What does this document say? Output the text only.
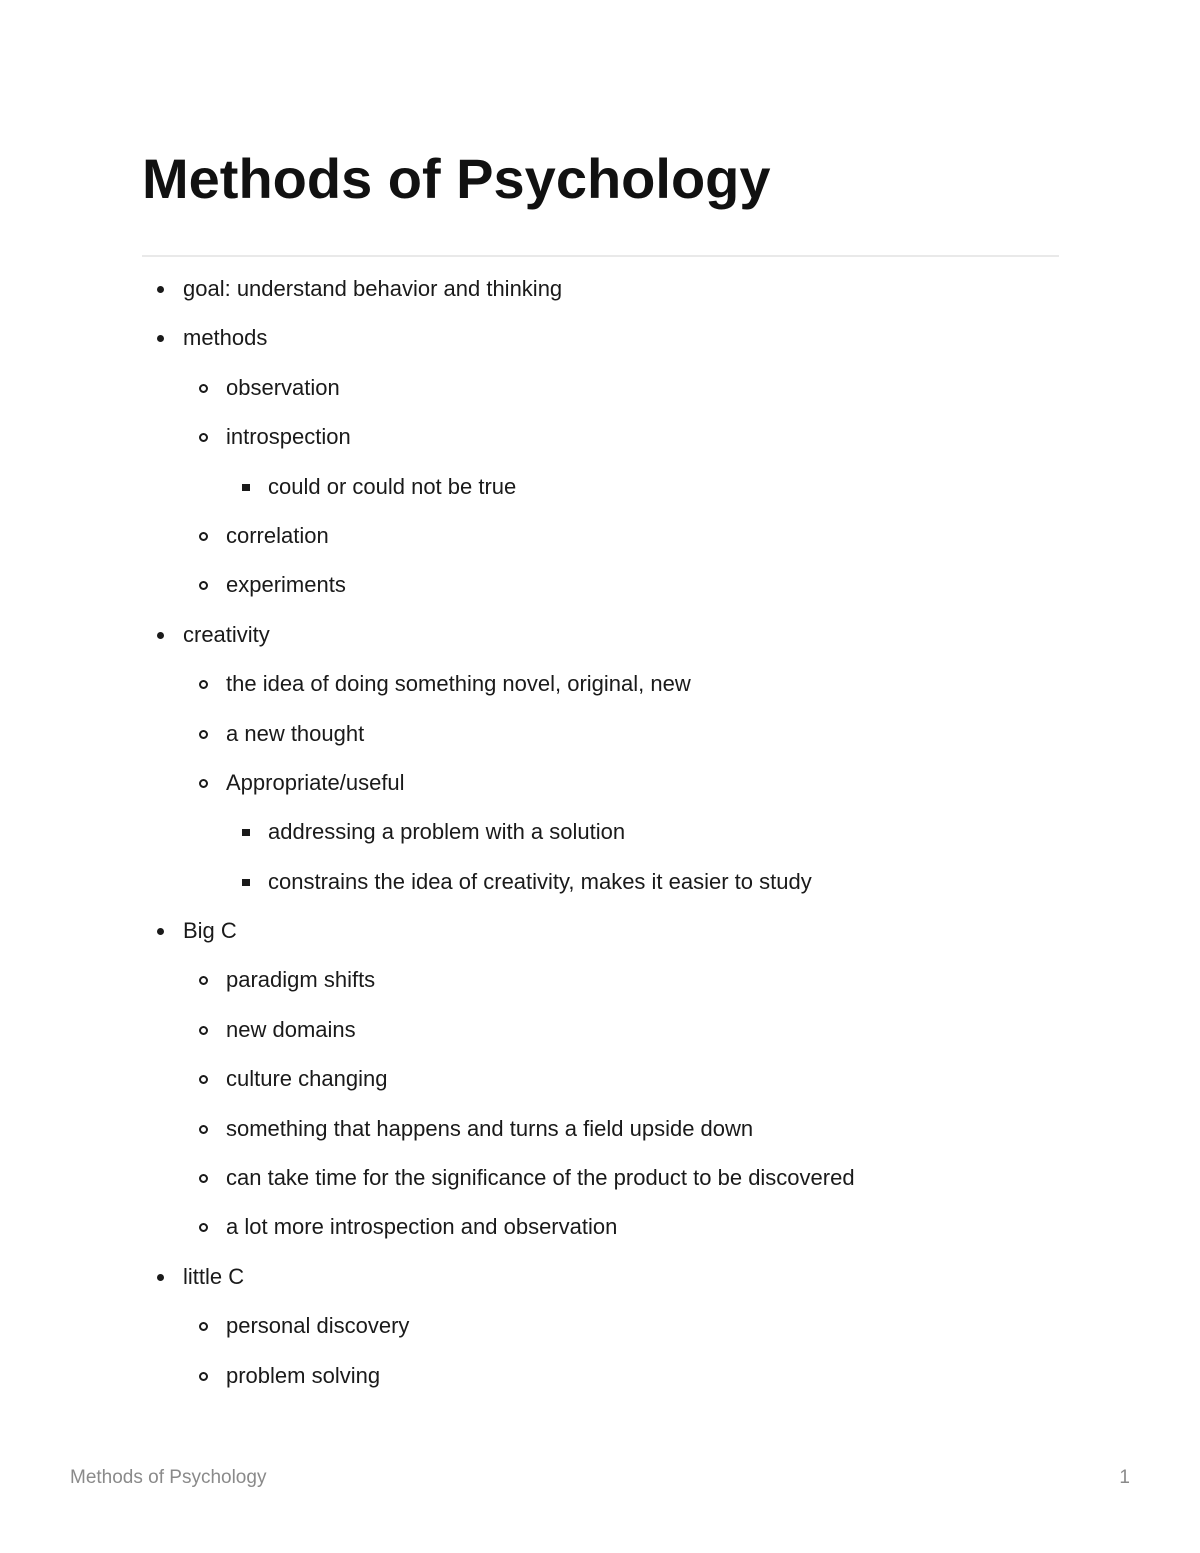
Methods of Psychology
goal: understand behavior and thinking
methods
observation
introspection
could or could not be true
correlation
experiments
creativity
the idea of doing something novel, original, new
a new thought
Appropriate/useful
addressing a problem with a solution
constrains the idea of creativity, makes it easier to study
Big C
paradigm shifts
new domains
culture changing
something that happens and turns a field upside down
can take time for the significance of the product to be discovered
a lot more introspection and observation
little C
personal discovery
problem solving
Methods of Psychology	1
